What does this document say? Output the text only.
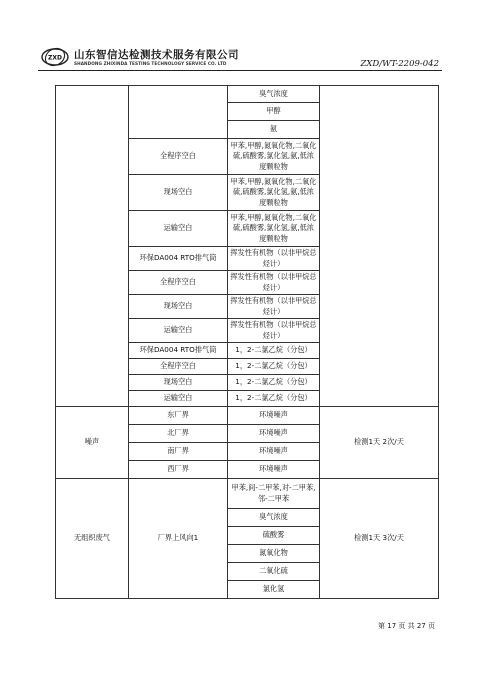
ZXD 山东智信达检测技术服务有限公司
SHANDONG ZHIXINDA TESTING TECHNOLOGY SERVICE CO. LTD	ZXD/WT-2209-042
		臭气浓度	
		甲醇	
		氨	
	全程序空白	甲苯,甲醇,氮氧化物,二氧化硫,硫酸雾,氯化氢,氨,低浓度颗粒物	
	现场空白	甲苯,甲醇,氮氧化物,二氧化硫,硫酸雾,氯化氢,氨,低浓度颗粒物	
	运输空白	甲苯,甲醇,氮氧化物,二氧化硫,硫酸雾,氯化氢,氨,低浓度颗粒物	
	环保DA004 RTO排气筒	挥发性有机物（以非甲烷总烃计）	
	全程序空白	挥发性有机物（以非甲烷总烃计）	
	现场空白	挥发性有机物（以非甲烷总烃计）	
	运输空白	挥发性有机物（以非甲烷总烃计）	
	环保DA004 RTO排气筒	1，2-二氯乙烷（分包）	
	全程序空白	1，2-二氯乙烷（分包）	
	现场空白	1，2-二氯乙烷（分包）	
	运输空白	1，2-二氯乙烷（分包）	
噪声	东厂界	环境噪声	检测1天 2次/天
	北厂界	环境噪声	
	南厂界	环境噪声	
	西厂界	环境噪声	
无组织废气	厂界上风向1	甲苯,间-二甲苯,对-二甲苯,邻-二甲苯	检测1天 3次/天
		臭气浓度	
		硫酸雾	
		氮氧化物	
		二氧化硫	
		氯化氢	
第 17 页 共 27 页
